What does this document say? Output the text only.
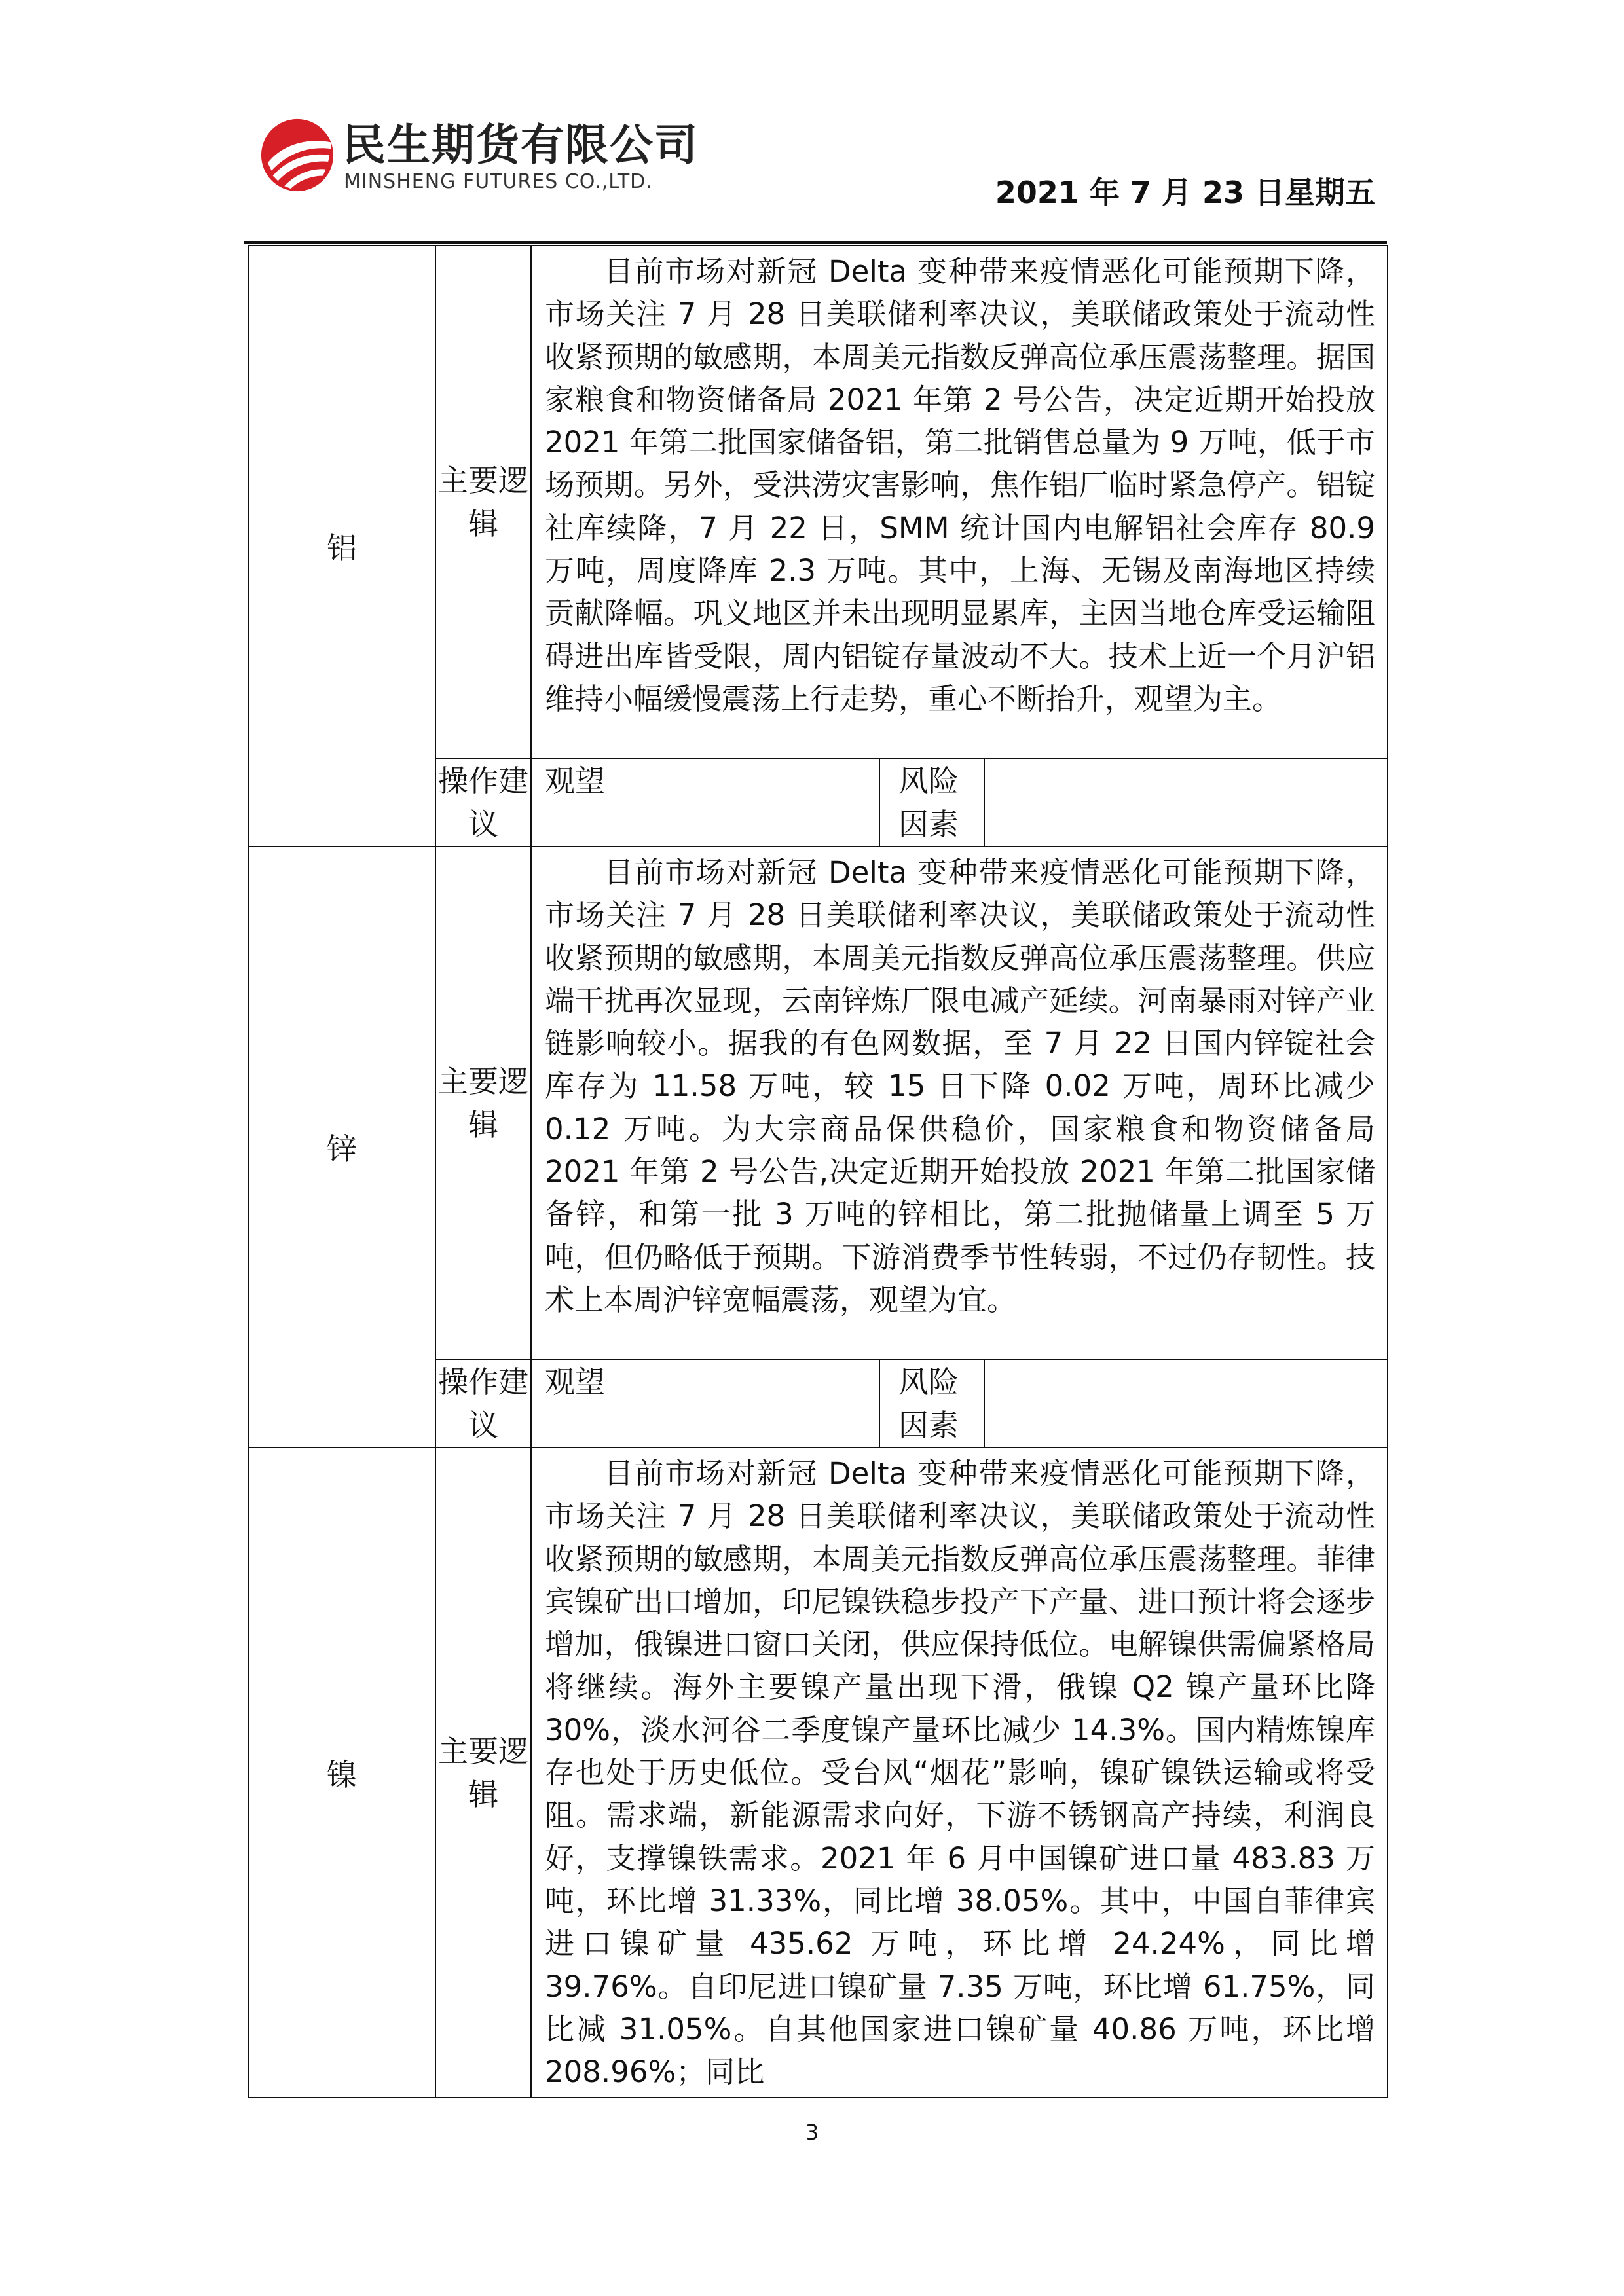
民生期货有限公司
MINSHENG FUTURES CO.,LTD.	2021 年 7 月 23 日星期五
铝	主要逻辑	目前市场对新冠 Delta 变种带来疫情恶化可能预期下降，市场关注 7 月 28 日美联储利率决议，美联储政策处于流动性收紧预期的敏感期，本周美元指数反弹高位承压震荡整理。据国家粮食和物资储备局 2021 年第 2 号公告，决定近期开始投放 2021 年第二批国家储备铝，第二批销售总量为 9 万吨，低于市场预期。另外，受洪涝灾害影响，焦作铝厂临时紧急停产。铝锭社库续降，7 月 22 日，SMM 统计国内电解铝社会库存 80.9 万吨，周度降库 2.3 万吨。其中，上海、无锡及南海地区持续贡献降幅。巩义地区并未出现明显累库，主因当地仓库受运输阻碍进出库皆受限，周内铝锭存量波动不大。技术上近一个月沪铝维持小幅缓慢震荡上行走势，重心不断抬升，观望为主。		

	操作建议	观望	风险因素	
锌	主要逻辑	目前市场对新冠 Delta 变种带来疫情恶化可能预期下降，市场关注 7 月 28 日美联储利率决议，美联储政策处于流动性收紧预期的敏感期，本周美元指数反弹高位承压震荡整理。供应端干扰再次显现，云南锌炼厂限电减产延续。河南暴雨对锌产业链影响较小。据我的有色网数据，至 7 月 22 日国内锌锭社会库存为 11.58 万吨，较 15 日下降 0.02 万吨，周环比减少 0.12 万吨。为大宗商品保供稳价，国家粮食和物资储备局 2021 年第 2 号公告,决定近期开始投放 2021 年第二批国家储备锌，和第一批 3 万吨的锌相比，第二批抛储量上调至 5 万吨，但仍略低于预期。下游消费季节性转弱，不过仍存韧性。技术上本周沪锌宽幅震荡，观望为宜。		

	操作建议	观望	风险因素	
镍	主要逻辑	目前市场对新冠 Delta 变种带来疫情恶化可能预期下降，市场关注 7 月 28 日美联储利率决议，美联储政策处于流动性收紧预期的敏感期，本周美元指数反弹高位承压震荡整理。菲律宾镍矿出口增加，印尼镍铁稳步投产下产量、进口预计将会逐步增加，俄镍进口窗口关闭，供应保持低位。电解镍供需偏紧格局将继续。海外主要镍产量出现下滑，俄镍 Q2 镍产量环比降 30%，淡水河谷二季度镍产量环比减少 14.3%。国内精炼镍库存也处于历史低位。受台风“烟花”影响，镍矿镍铁运输或将受阻。需求端，新能源需求向好，下游不锈钢高产持续，利润良好，支撑镍铁需求。2021 年 6 月中国镍矿进口量 483.83 万吨，环比增 31.33%，同比增 38.05%。其中，中国自菲律宾进口镍矿量 435.62 万吨，环比增 24.24%，同比增 39.76%。自印尼进口镍矿量 7.35 万吨，环比增 61.75%，同比减 31.05%。自其他国家进口镍矿量 40.86 万吨，环比增 208.96%；同比		

3
